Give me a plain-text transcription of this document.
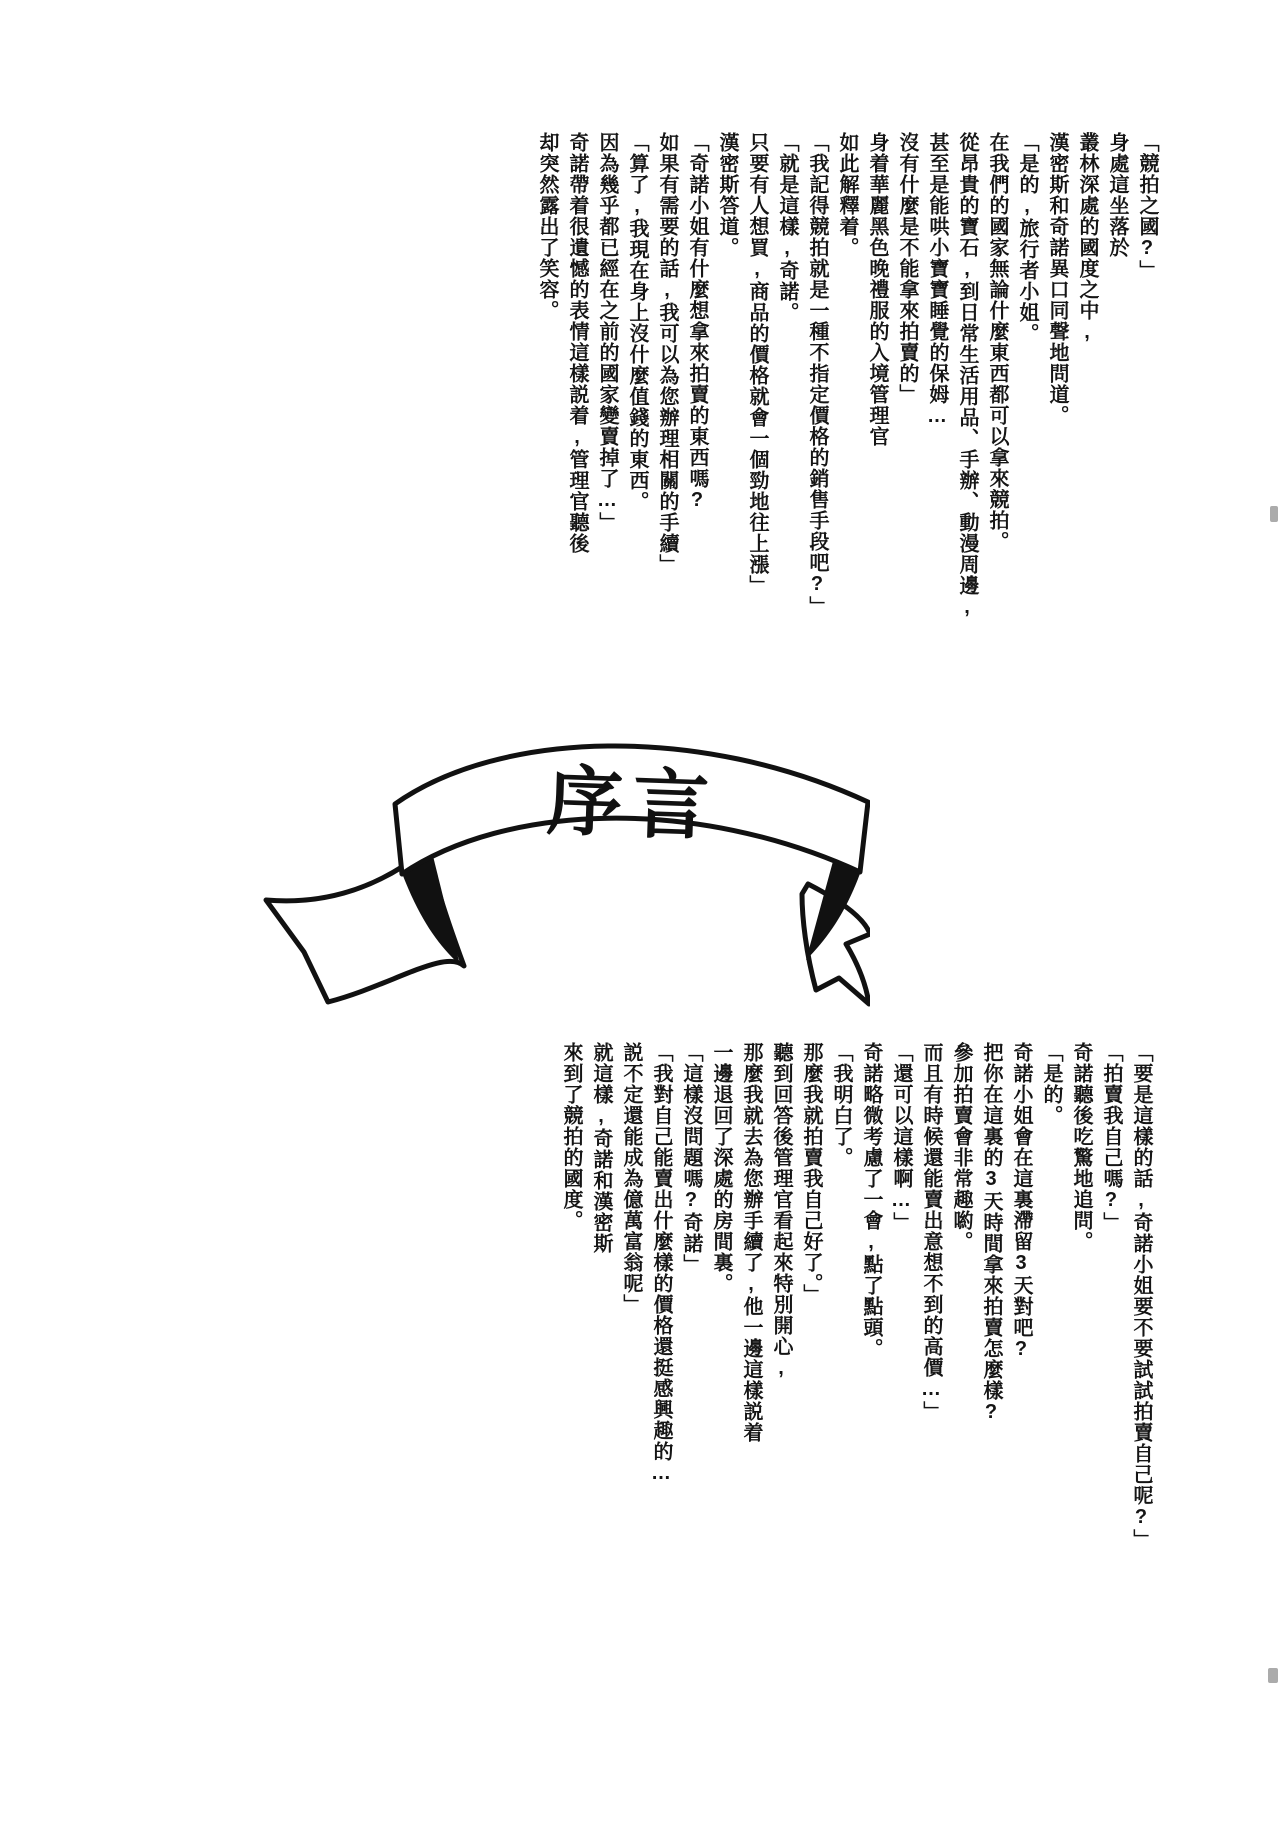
「競拍之國?」
身處這坐落於
叢林深處的國度之中,
漢密斯和奇諾異口同聲地問道。
「是的,旅行者小姐。
在我們的國家無論什麼東西都可以拿來競拍。
從昂貴的寶石,到日常生活用品、手辦、動漫周邊,
甚至是能哄小寶寶睡覺的保姆…
沒有什麼是不能拿來拍賣的」
身着華麗黑色晚禮服的入境管理官
如此解釋着。
「我記得競拍就是一種不指定價格的銷售手段吧?」
「就是這樣,奇諾。
只要有人想買,商品的價格就會一個勁地往上漲」
漢密斯答道。
「奇諾小姐有什麼想拿來拍賣的東西嗎?
如果有需要的話,我可以為您辦理相關的手續」
「算了,我現在身上沒什麼值錢的東西。
因為幾乎都已經在之前的國家變賣掉了…」
奇諾帶着很遺憾的表情這樣説着,管理官聽後
却突然露出了笑容。
序言
「要是這樣的話,奇諾小姐要不要試試拍賣自己呢?」
「拍賣我自己嗎?」
奇諾聽後吃驚地追問。
「是的。
奇諾小姐會在這裏滯留3天對吧?
把你在這裏的3天時間拿來拍賣怎麼樣?
參加拍賣會非常趣喲。
而且有時候還能賣出意想不到的高價…」
「還可以這樣啊…」
奇諾略微考慮了一會,點了點頭。
「我明白了。
那麼我就拍賣我自己好了。」
聽到回答後管理官看起來特別開心,
那麼我就去為您辦手續了,他一邊這樣説着
一邊退回了深處的房間裏。
「這樣沒問題嗎?奇諾」
「我對自己能賣出什麼樣的價格還挺感興趣的…
説不定還能成為億萬富翁呢」
就這樣,奇諾和漢密斯
來到了競拍的國度。
